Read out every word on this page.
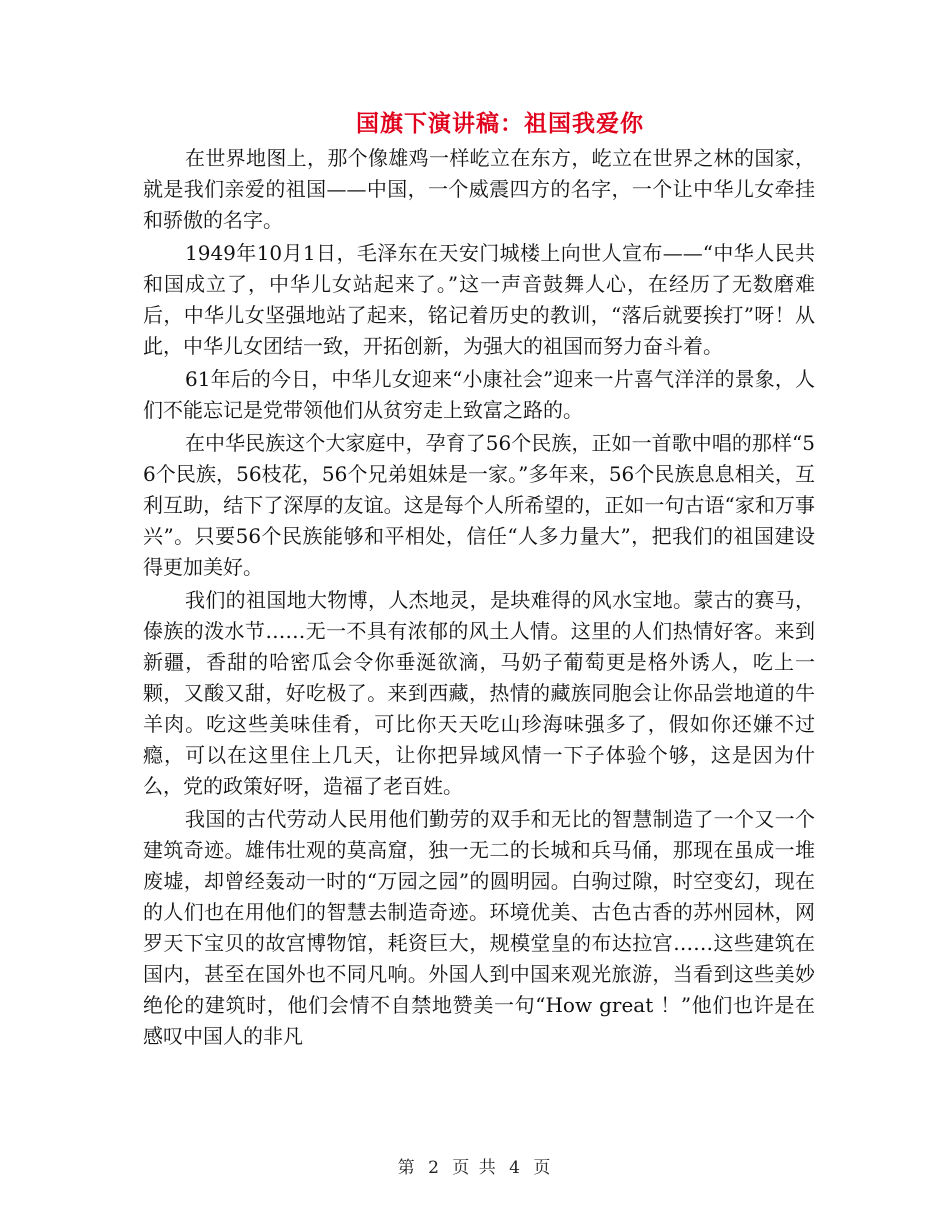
国旗下演讲稿：祖国我爱你

在世界地图上，那个像雄鸡一样屹立在东方，屹立在世界之林的国家，就是我们亲爱的祖国——中国，一个威震四方的名字，一个让中华儿女牵挂和骄傲的名字。

1949年10月1日，毛泽东在天安门城楼上向世人宣布——“中华人民共和国成立了，中华儿女站起来了。”这一声音鼓舞人心，在经历了无数磨难后，中华儿女坚强地站了起来，铭记着历史的教训，“落后就要挨打”呀！从此，中华儿女团结一致，开拓创新，为强大的祖国而努力奋斗着。

61年后的今日，中华儿女迎来“小康社会”迎来一片喜气洋洋的景象，人们不能忘记是党带领他们从贫穷走上致富之路的。

在中华民族这个大家庭中，孕育了56个民族，正如一首歌中唱的那样“56个民族，56枝花，56个兄弟姐妹是一家。”多年来，56个民族息息相关，互利互助，结下了深厚的友谊。这是每个人所希望的，正如一句古语“家和万事兴”。只要56个民族能够和平相处，信任“人多力量大”，把我们的祖国建设得更加美好。

我们的祖国地大物博，人杰地灵，是块难得的风水宝地。蒙古的赛马，傣族的泼水节……无一不具有浓郁的风土人情。这里的人们热情好客。来到新疆，香甜的哈密瓜会令你垂涎欲滴，马奶子葡萄更是格外诱人，吃上一颗，又酸又甜，好吃极了。来到西藏，热情的藏族同胞会让你品尝地道的牛羊肉。吃这些美味佳肴，可比你天天吃山珍海味强多了，假如你还嫌不过瘾，可以在这里住上几天，让你把异域风情一下子体验个够，这是因为什么，党的政策好呀，造福了老百姓。

我国的古代劳动人民用他们勤劳的双手和无比的智慧制造了一个又一个建筑奇迹。雄伟壮观的莫高窟，独一无二的长城和兵马俑，那现在虽成一堆废墟，却曾经轰动一时的“万园之园”的圆明园。白驹过隙，时空变幻，现在的人们也在用他们的智慧去制造奇迹。环境优美、古色古香的苏州园林，网罗天下宝贝的故宫博物馆，耗资巨大，规模堂皇的布达拉宫……这些建筑在 国内，甚至在国外也不同凡响。外国人到中国来观光旅游，当看到这些美妙绝伦的建筑时，他们会情不自禁地赞美一句“How great ！”他们也许是在感叹中国人的非凡

第 2 页 共 4 页
